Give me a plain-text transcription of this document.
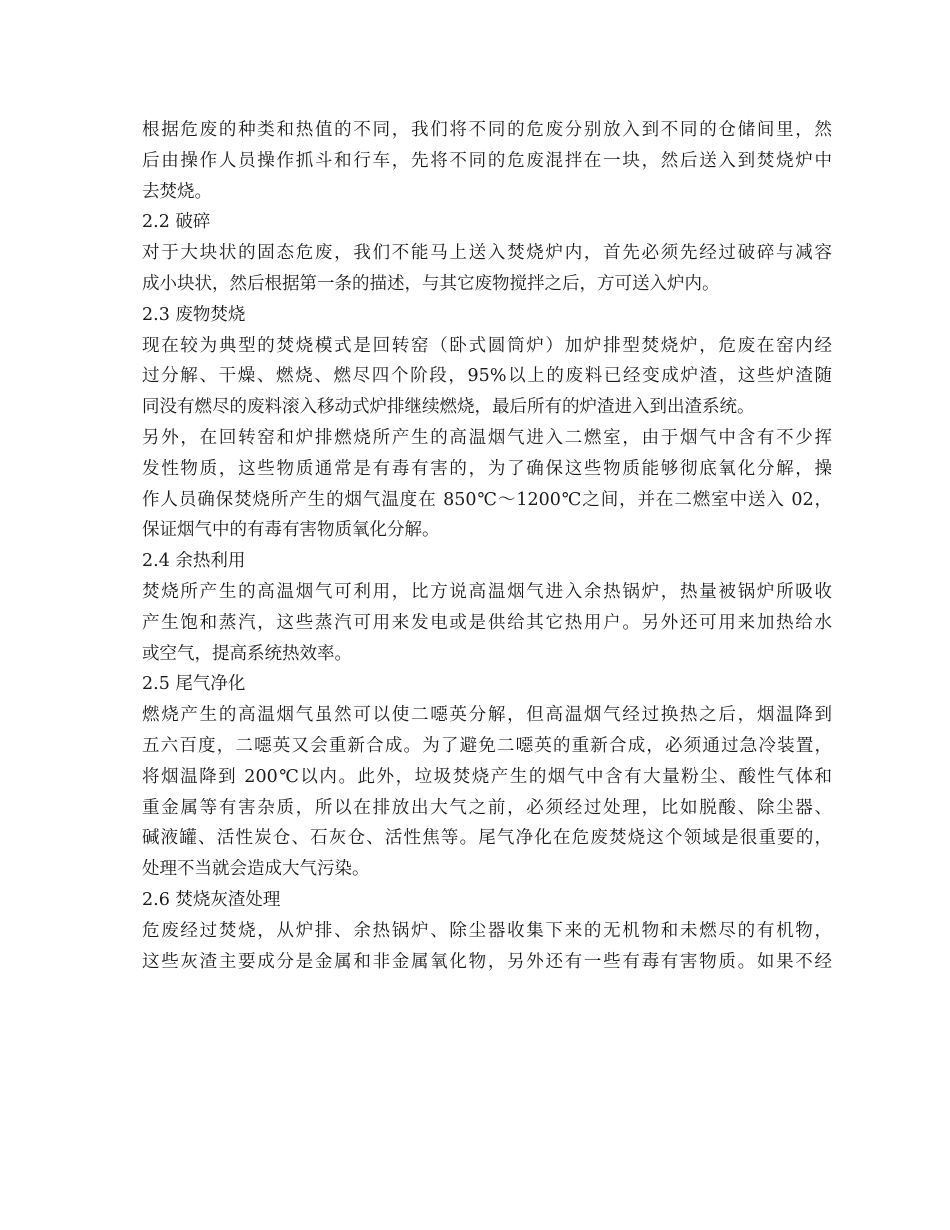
根据危废的种类和热值的不同，我们将不同的危废分别放入到不同的仓储间里，然
后由操作人员操作抓斗和行车，先将不同的危废混拌在一块，然后送入到焚烧炉中
去焚烧。
2.2 破碎
对于大块状的固态危废，我们不能马上送入焚烧炉内，首先必须先经过破碎与减容
成小块状，然后根据第一条的描述，与其它废物搅拌之后，方可送入炉内。
2.3 废物焚烧
现在较为典型的焚烧模式是回转窑（卧式圆筒炉）加炉排型焚烧炉，危废在窑内经
过分解、干燥、燃烧、燃尽四个阶段，95%以上的废料已经变成炉渣，这些炉渣随
同没有燃尽的废料滚入移动式炉排继续燃烧，最后所有的炉渣进入到出渣系统。
另外，在回转窑和炉排燃烧所产生的高温烟气进入二燃室，由于烟气中含有不少挥
发性物质，这些物质通常是有毒有害的，为了确保这些物质能够彻底氧化分解，操
作人员确保焚烧所产生的烟气温度在 850℃～1200℃之间，并在二燃室中送入 02，
保证烟气中的有毒有害物质氧化分解。
2.4 余热利用
焚烧所产生的高温烟气可利用，比方说高温烟气进入余热锅炉，热量被锅炉所吸收
产生饱和蒸汽，这些蒸汽可用来发电或是供给其它热用户。另外还可用来加热给水
或空气，提高系统热效率。
2.5 尾气净化
燃烧产生的高温烟气虽然可以使二噁英分解，但高温烟气经过换热之后，烟温降到
五六百度，二噁英又会重新合成。为了避免二噁英的重新合成，必须通过急冷装置，
将烟温降到 200℃以内。此外，垃圾焚烧产生的烟气中含有大量粉尘、酸性气体和
重金属等有害杂质，所以在排放出大气之前，必须经过处理，比如脱酸、除尘器、
碱液罐、活性炭仓、石灰仓、活性焦等。尾气净化在危废焚烧这个领域是很重要的，
处理不当就会造成大气污染。
2.6 焚烧灰渣处理
危废经过焚烧，从炉排、余热锅炉、除尘器收集下来的无机物和未燃尽的有机物，
这些灰渣主要成分是金属和非金属氧化物，另外还有一些有毒有害物质。如果不经
